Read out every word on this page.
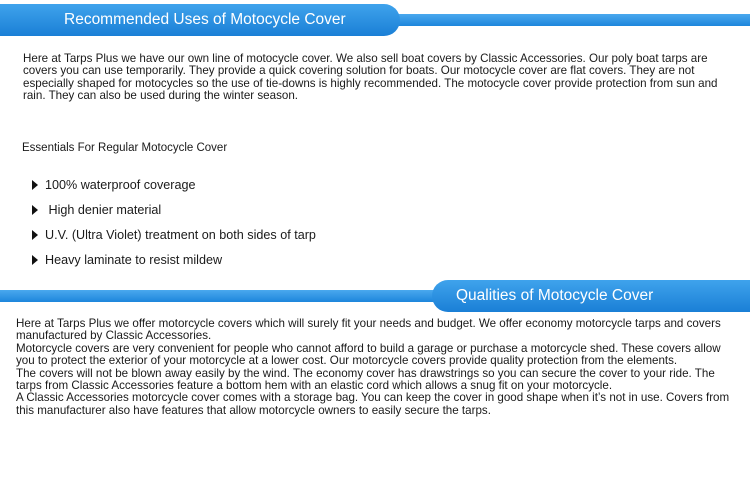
Recommended Uses of Motocycle Cover

Here at Tarps Plus we have our own line of motocycle cover. We also sell boat covers by Classic Accessories. Our poly boat tarps are covers you can use temporarily. They provide a quick covering solution for boats. Our motocycle cover are flat covers. They are not especially shaped for motocycles so the use of tie-downs is highly recommended. The motocycle cover provide protection from sun and rain. They can also be used during the winter season.

Essentials For Regular Motocycle Cover

100% waterproof coverage
High denier material
U.V. (Ultra Violet) treatment on both sides of tarp
Heavy laminate to resist mildew
Qualities of Motocycle Cover

Here at Tarps Plus we offer motorcycle covers which will surely fit your needs and budget. We offer economy motorcycle tarps and covers manufactured by Classic Accessories.

Motorcycle covers are very convenient for people who cannot afford to build a garage or purchase a motorcycle shed. These covers allow you to protect the exterior of your motorcycle at a lower cost. Our motorcycle covers provide quality protection from the elements.

The covers will not be blown away easily by the wind. The economy cover has drawstrings so you can secure the cover to your ride. The tarps from Classic Accessories feature a bottom hem with an elastic cord which allows a snug fit on your motorcycle.

A Classic Accessories motorcycle cover comes with a storage bag. You can keep the cover in good shape when it’s not in use. Covers from this manufacturer also have features that allow motorcycle owners to easily secure the tarps.
